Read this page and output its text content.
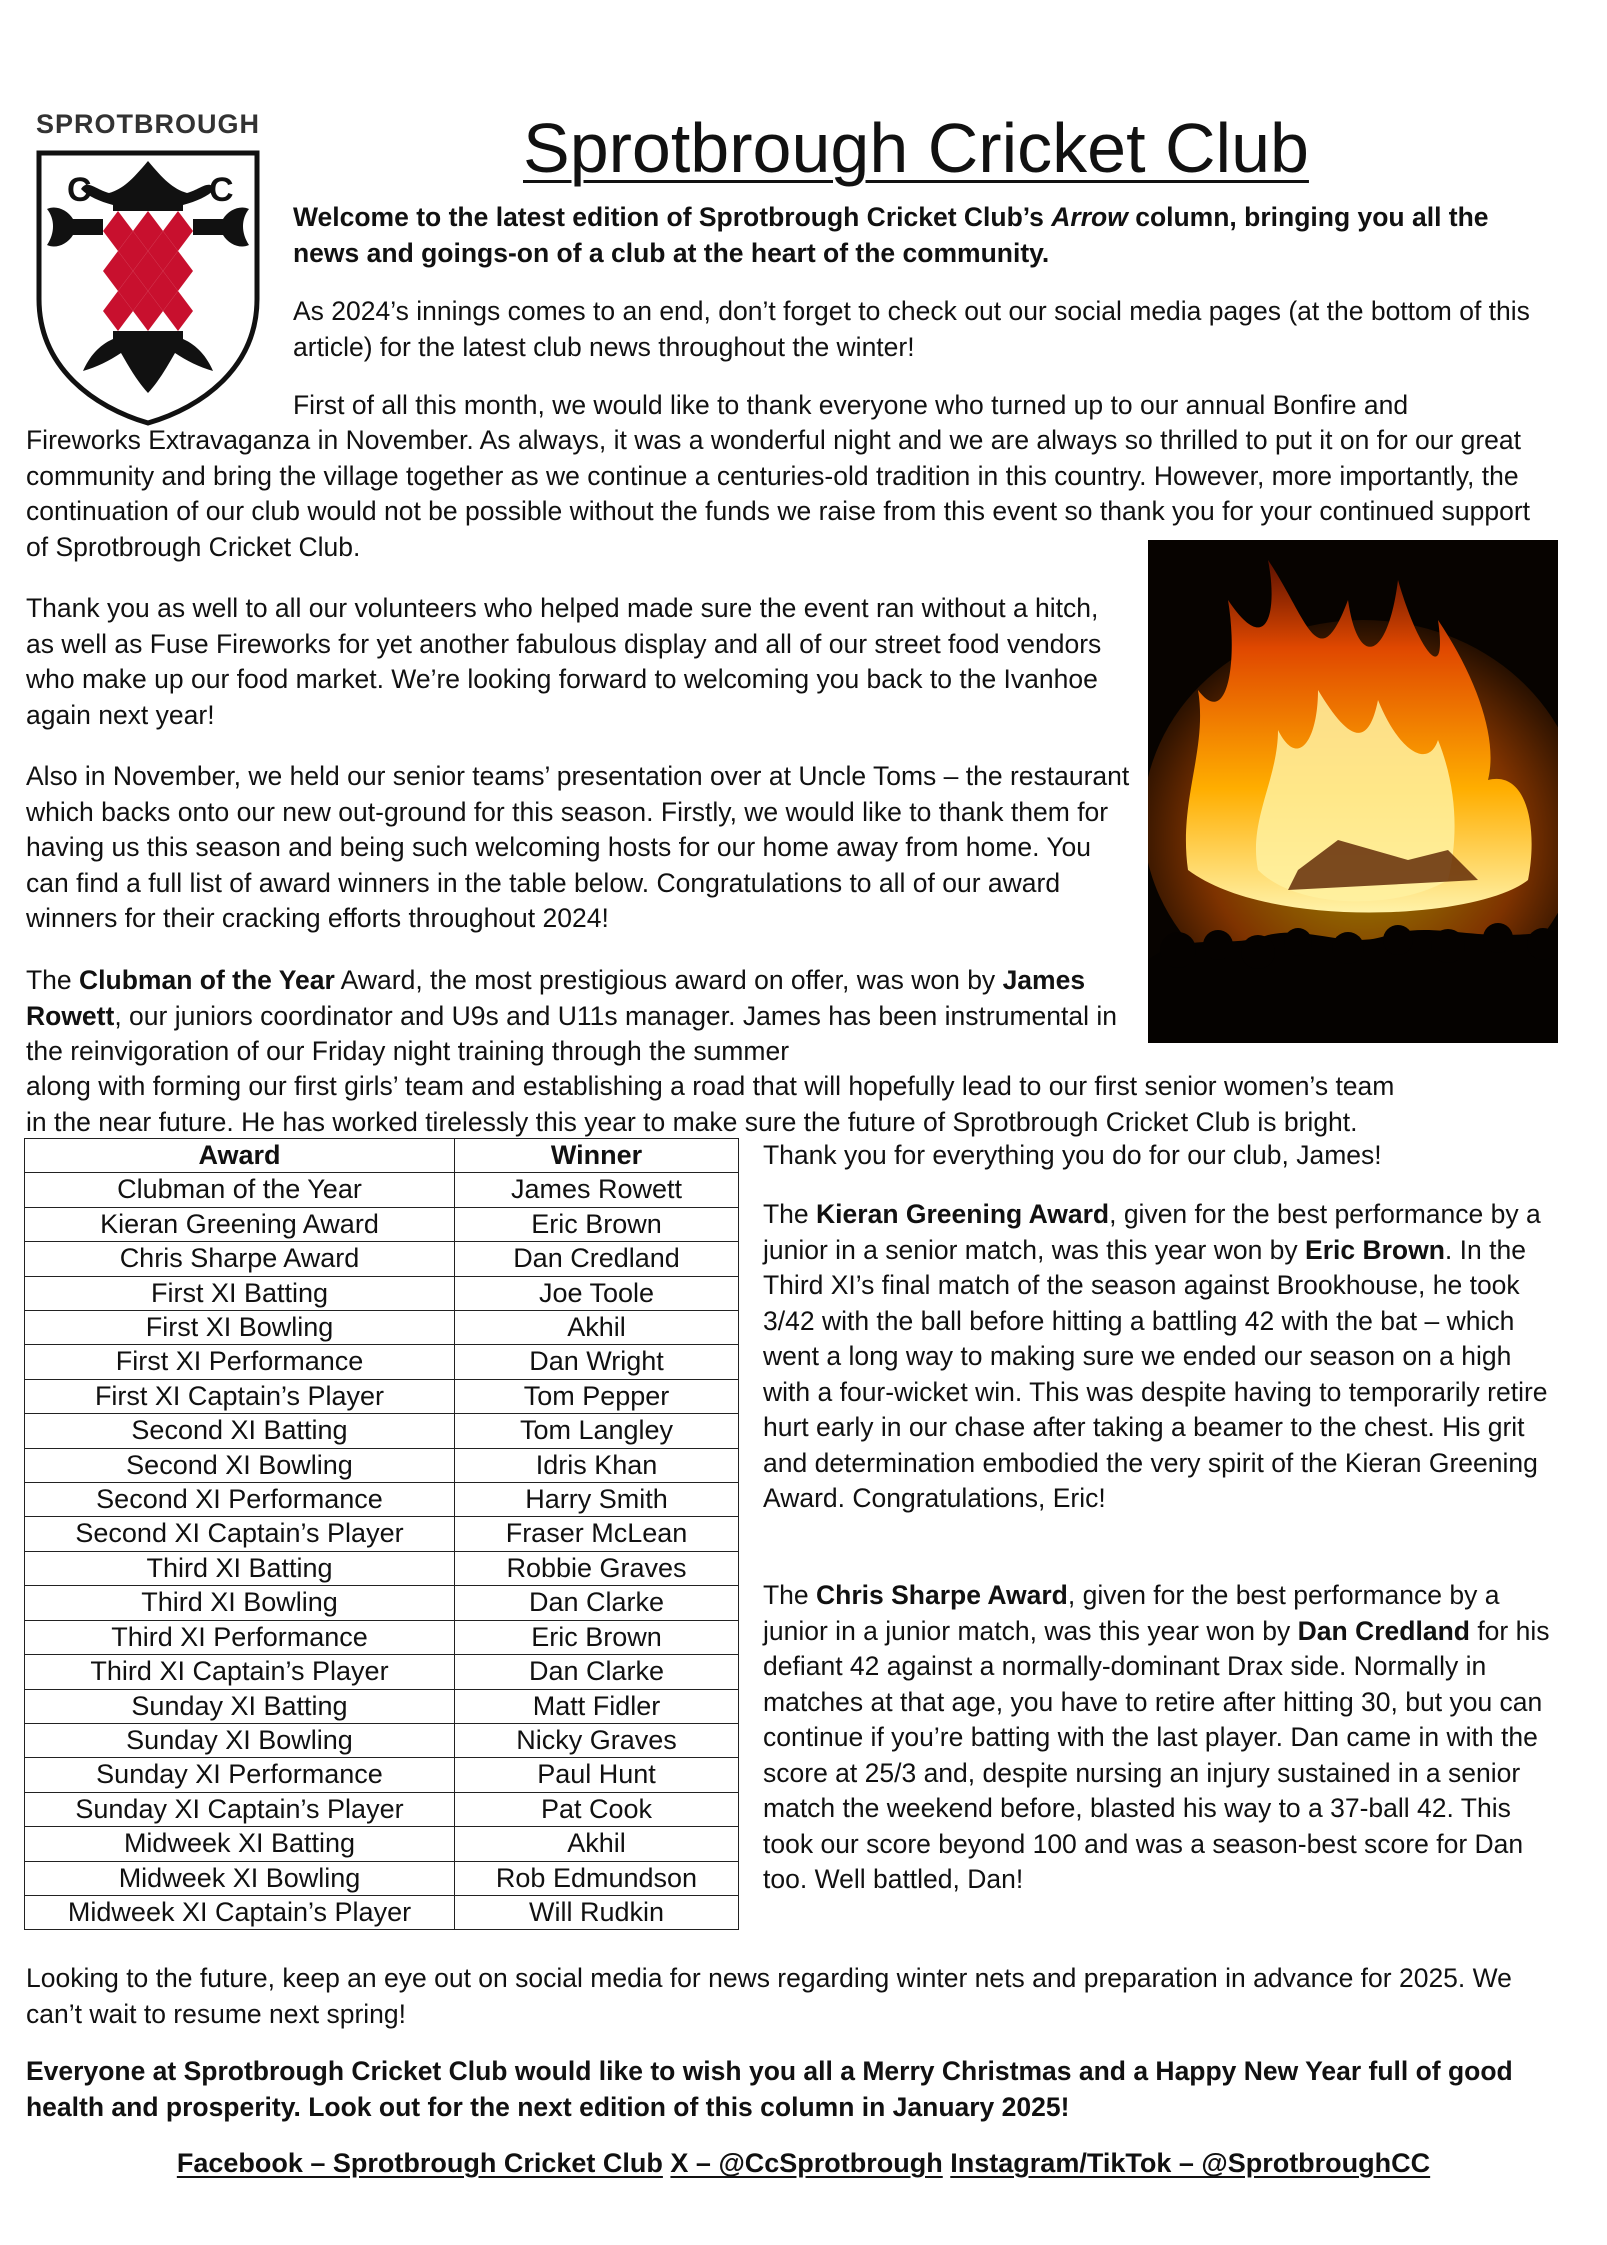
SPROTBROUGH
C	C
Sprotbrough Cricket Club

Welcome to the latest edition of Sprotbrough Cricket Club’s Arrow column, bringing you all the news and goings-on of a club at the heart of the community.

As 2024’s innings comes to an end, don’t forget to check out our social media pages (at the bottom of this article) for the latest club news throughout the winter!

First of all this month, we would like to thank everyone who turned up to our annual Bonfire and

Fireworks Extravaganza in November. As always, it was a wonderful night and we are always so thrilled to put it on for our great community and bring the village together as we continue a centuries-old tradition in this country. However, more importantly, the continuation of our club would not be possible without the funds we raise from this event so thank you for your continued support of Sprotbrough Cricket Club.

Thank you as well to all our volunteers who helped made sure the event ran without a hitch, as well as Fuse Fireworks for yet another fabulous display and all of our street food vendors who make up our food market. We’re looking forward to welcoming you back to the Ivanhoe again next year!

Also in November, we held our senior teams’ presentation over at Uncle Toms – the restaurant which backs onto our new out-ground for this season. Firstly, we would like to thank them for having us this season and being such welcoming hosts for our home away from home. You can find a full list of award winners in the table below. Congratulations to all of our award winners for their cracking efforts throughout 2024!

The Clubman of the Year Award, the most prestigious award on offer, was won by James Rowett, our juniors coordinator and U9s and U11s manager. James has been instrumental in the reinvigoration of our Friday night training through the summer

along with forming our first girls’ team and establishing a road that will hopefully lead to our first senior women’s team

in the near future. He has worked tirelessly this year to make sure the future of Sprotbrough Cricket Club is bright.

Award	Winner
Clubman of the Year	James Rowett
Kieran Greening Award	Eric Brown
Chris Sharpe Award	Dan Credland
First XI Batting	Joe Toole
First XI Bowling	Akhil
First XI Performance	Dan Wright
First XI Captain’s Player	Tom Pepper
Second XI Batting	Tom Langley
Second XI Bowling	Idris Khan
Second XI Performance	Harry Smith
Second XI Captain’s Player	Fraser McLean
Third XI Batting	Robbie Graves
Third XI Bowling	Dan Clarke
Third XI Performance	Eric Brown
Third XI Captain’s Player	Dan Clarke
Sunday XI Batting	Matt Fidler
Sunday XI Bowling	Nicky Graves
Sunday XI Performance	Paul Hunt
Sunday XI Captain’s Player	Pat Cook
Midweek XI Batting	Akhil
Midweek XI Bowling	Rob Edmundson
Midweek XI Captain’s Player	Will Rudkin

Thank you for everything you do for our club, James!

The Kieran Greening Award, given for the best performance by a junior in a senior match, was this year won by Eric Brown. In the Third XI’s final match of the season against Brookhouse, he took 3/42 with the ball before hitting a battling 42 with the bat – which went a long way to making sure we ended our season on a high with a four-wicket win. This was despite having to temporarily retire hurt early in our chase after taking a beamer to the chest. His grit and determination embodied the very spirit of the Kieran Greening Award. Congratulations, Eric!

The Chris Sharpe Award, given for the best performance by a junior in a junior match, was this year won by Dan Credland for his defiant 42 against a normally-dominant Drax side. Normally in matches at that age, you have to retire after hitting 30, but you can continue if you’re batting with the last player. Dan came in with the score at 25/3 and, despite nursing an injury sustained in a senior match the weekend before, blasted his way to a 37-ball 42. This took our score beyond 100 and was a season-best score for Dan too. Well battled, Dan!

Looking to the future, keep an eye out on social media for news regarding winter nets and preparation in advance for 2025. We can’t wait to resume next spring!

Everyone at Sprotbrough Cricket Club would like to wish you all a Merry Christmas and a Happy New Year full of good health and prosperity. Look out for the next edition of this column in January 2025!

Facebook – Sprotbrough Cricket Club X – @CcSprotbrough Instagram/TikTok – @SprotbroughCC
